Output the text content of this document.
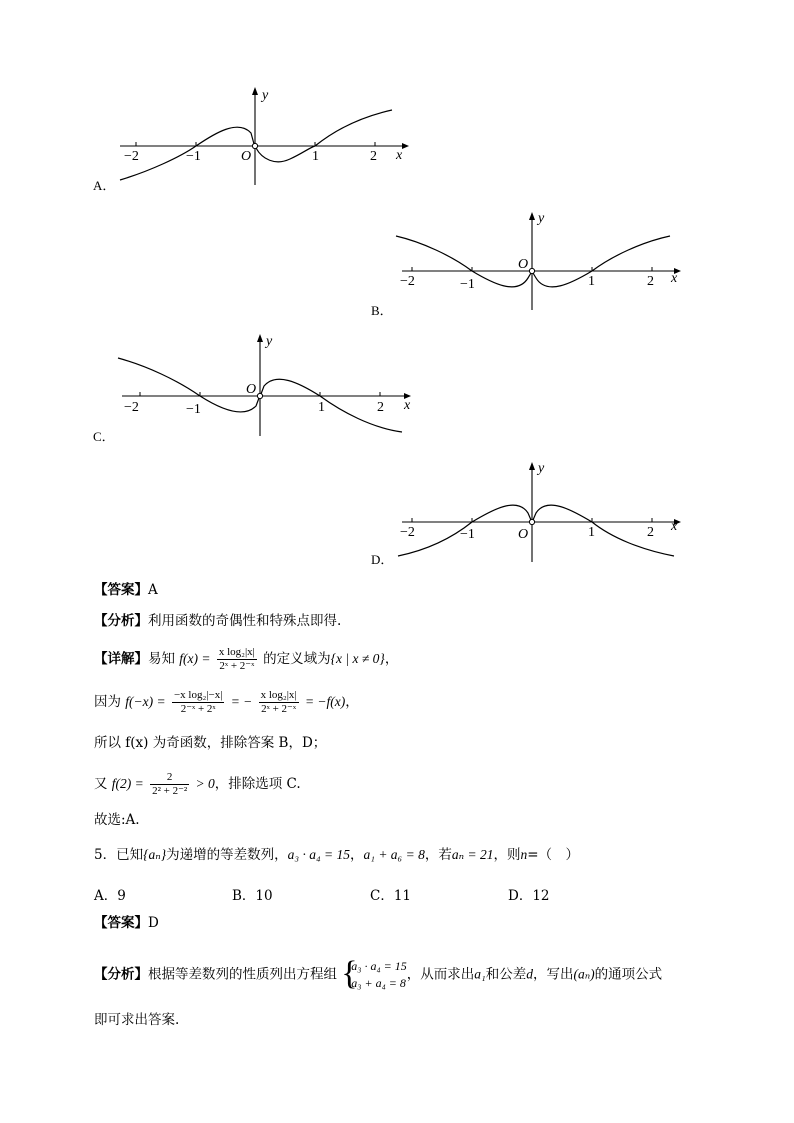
−2	−1	O	1	2 x
y
A．
−2	−1
O
1	2 x
y
B．
−2	−1
O
1	2 x
y
C．
−2	−1	O	1	2 x
y
D．
【答案】A
【分析】利用函数的奇偶性和特殊点即得.
【详解】易知 $f(x) = \frac{\text{x log₂|x|}}{\text{2ˣ + 2⁻ˣ}}$ 的定义域为{x | x ≠ 0}，
因为 $f(-x) = \frac{\text{−x log₂|−x|}}{\text{2⁻ˣ + 2ˣ}}$ = − $\frac{\text{x log₂|x|}}{\text{2ˣ + 2⁻ˣ}} = -f(x)$，
所以 f(x) 为奇函数，排除答案 B，D；
又 $f(2) = \frac{2}{\text{2² + 2⁻²}} > 0$，排除选项 C.
故选:A.
5．已知{aₙ}为递增的等差数列，a₃ · a₄ = 15，a₁ + a₆ = 8，若aₙ = 21，则n=（　）
A．9	B．10	C．11	D．12
【答案】D
【分析】根据等差数列的性质列出方程组
{ a₃ · a₄ = 15
a₃ + a₄ = 8
，从而求出a₁和公差d，写出(aₙ)的通项公式
即可求出答案.
